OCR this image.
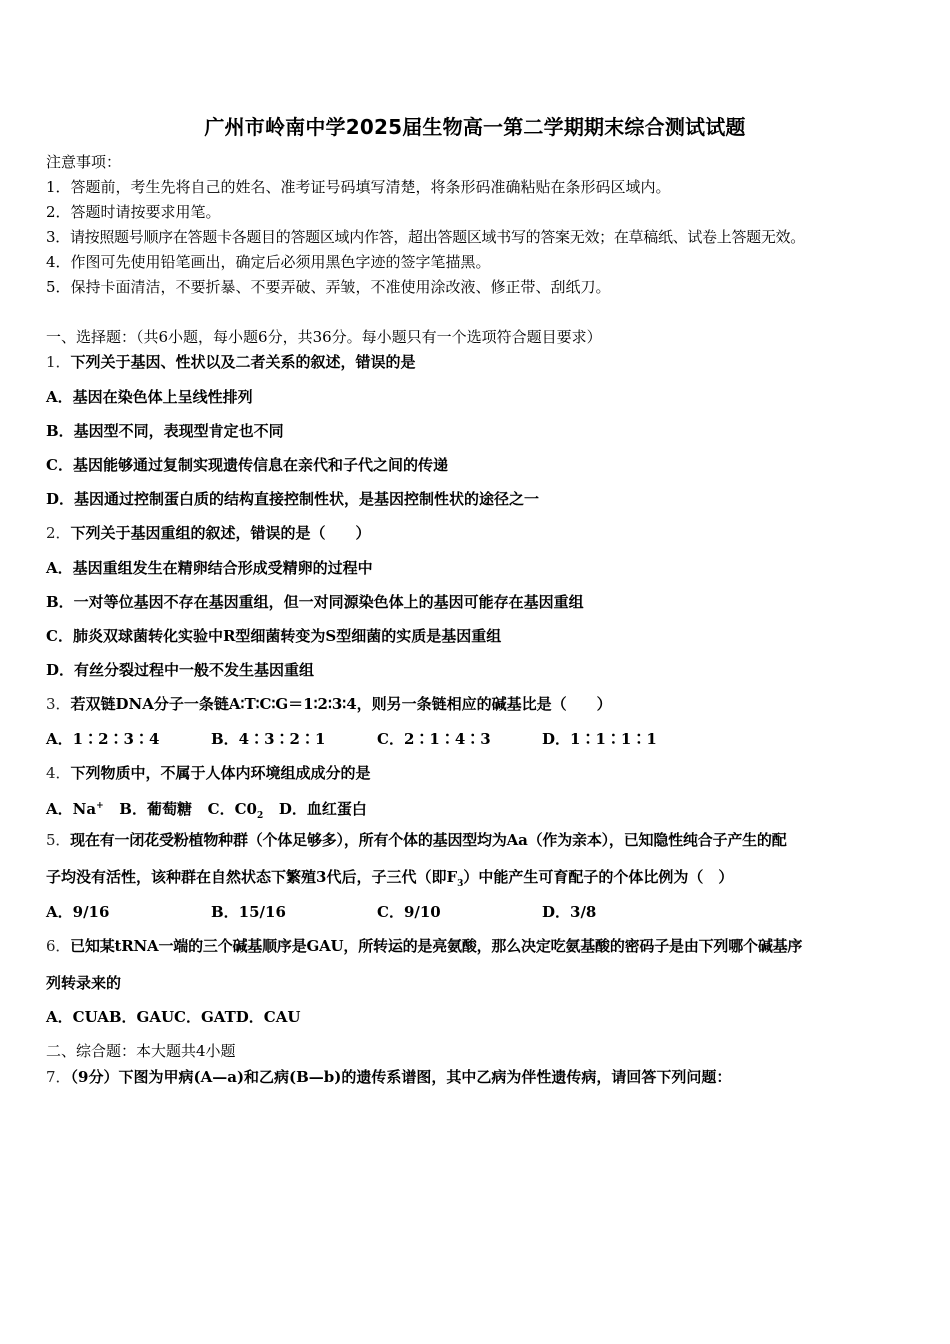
广州市岭南中学2025届生物高一第二学期期末综合测试试题
注意事项：
1．答题前，考生先将自己的姓名、准考证号码填写清楚，将条形码准确粘贴在条形码区域内。
2．答题时请按要求用笔。
3．请按照题号顺序在答题卡各题目的答题区域内作答，超出答题区域书写的答案无效；在草稿纸、试卷上答题无效。
4．作图可先使用铅笔画出，确定后必须用黑色字迹的签字笔描黑。
5．保持卡面清洁，不要折暴、不要弄破、弄皱，不准使用涂改液、修正带、刮纸刀。
一、选择题：（共6小题，每小题6分，共36分。每小题只有一个选项符合题目要求）
1．下列关于基因、性状以及二者关系的叙述，错误的是
A．基因在染色体上呈线性排列
B．基因型不同，表现型肯定也不同
C．基因能够通过复制实现遗传信息在亲代和子代之间的传递
D．基因通过控制蛋白质的结构直接控制性状，是基因控制性状的途径之一
2．下列关于基因重组的叙述，错误的是（　　）
A．基因重组发生在精卵结合形成受精卵的过程中
B．一对等位基因不存在基因重组，但一对同源染色体上的基因可能存在基因重组
C．肺炎双球菌转化实验中R型细菌转变为S型细菌的实质是基因重组
D．有丝分裂过程中一般不发生基因重组
3．若双链DNA分子一条链A∶T∶C∶G＝1∶2∶3∶4，则另一条链相应的碱基比是（　　）
A．1∶2∶3∶4	B．4∶3∶2∶1	C．2∶1∶4∶3	D．1∶1∶1∶1
4．下列物质中，不属于人体内环境组成成分的是
A．Na+ B．葡萄糖 C．$C0_2$ D．血红蛋白
5．现在有一闭花受粉植物种群（个体足够多），所有个体的基因型均为Aa（作为亲本），已知隐性纯合子产生的配
子均没有活性，该种群在自然状态下繁殖3代后，子三代（即$F_3$）中能产生可育配子的个体比例为（　）
A．9/16	B．15/16	C．9/10	D．3/8
6．已知某tRNA一端的三个碱基顺序是GAU，所转运的是亮氨酸，那么决定吃氨基酸的密码子是由下列哪个碱基序
列转录来的
A．CUAB．GAUC．GATD．CAU
二、综合题：本大题共4小题
7．（9分）下图为甲病(A—a)和乙病(B—b)的遗传系谱图，其中乙病为伴性遗传病，请回答下列问题：
